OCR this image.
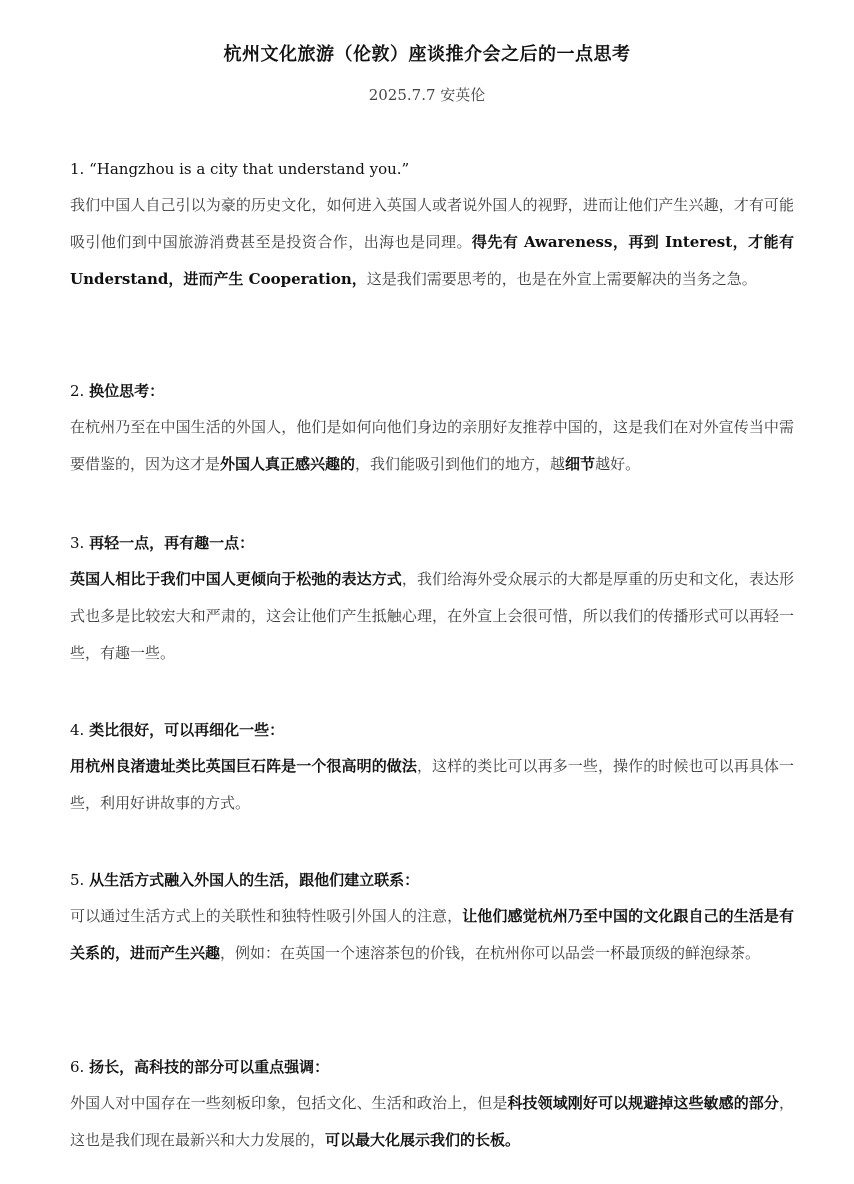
杭州文化旅游（伦敦）座谈推介会之后的一点思考
2025.7.7 安英伦
1. “Hangzhou is a city that understand you.”

我们中国人自己引以为豪的历史文化，如何进入英国人或者说外国人的视野，进而让他们产生兴趣，才有可能吸引他们到中国旅游消费甚至是投资合作，出海也是同理。得先有 Awareness，再到 Interest，才能有 Understand，进而产生 Cooperation，这是我们需要思考的，也是在外宣上需要解决的当务之急。

2. 换位思考：

在杭州乃至在中国生活的外国人，他们是如何向他们身边的亲朋好友推荐中国的，这是我们在对外宣传当中需要借鉴的，因为这才是外国人真正感兴趣的，我们能吸引到他们的地方，越细节越好。

3. 再轻一点，再有趣一点：

英国人相比于我们中国人更倾向于松弛的表达方式，我们给海外受众展示的大都是厚重的历史和文化，表达形式也多是比较宏大和严肃的，这会让他们产生抵触心理，在外宣上会很可惜，所以我们的传播形式可以再轻一些，有趣一些。

4. 类比很好，可以再细化一些：

用杭州良渚遗址类比英国巨石阵是一个很高明的做法，这样的类比可以再多一些，操作的时候也可以再具体一些，利用好讲故事的方式。

5. 从生活方式融入外国人的生活，跟他们建立联系：

可以通过生活方式上的关联性和独特性吸引外国人的注意，让他们感觉杭州乃至中国的文化跟自己的生活是有关系的，进而产生兴趣，例如：在英国一个速溶茶包的价钱，在杭州你可以品尝一杯最顶级的鲜泡绿茶。

6. 扬长，高科技的部分可以重点强调：

外国人对中国存在一些刻板印象，包括文化、生活和政治上，但是科技领域刚好可以规避掉这些敏感的部分，这也是我们现在最新兴和大力发展的，可以最大化展示我们的长板。
